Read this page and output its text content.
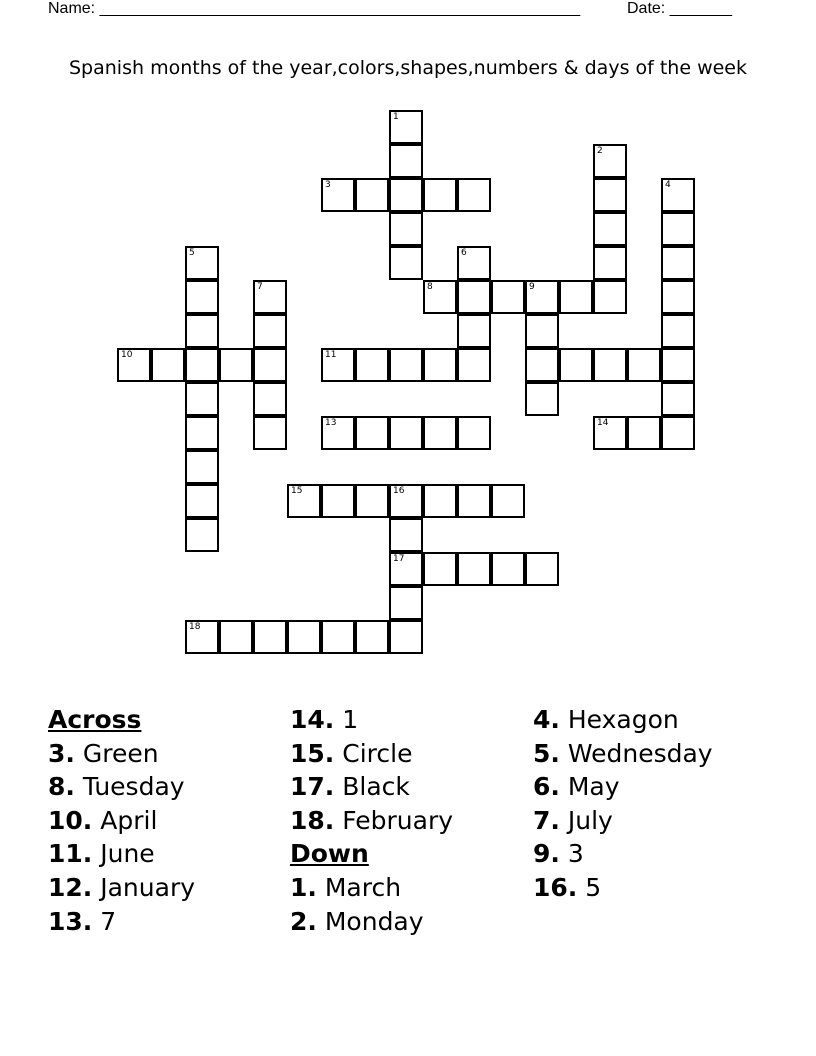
Name: ______________________________________________________	Date: _______
Spanish months of the year,colors,shapes,numbers & days of the week
1
2
3	4
5	6
7	8	9
10	11
13	14
15	16
17
18
Across
3. Green
8. Tuesday
10. April
11. June
12. January
13. 7
14. 1
15. Circle
17. Black
18. February
Down
1. March
2. Monday
4. Hexagon
5. Wednesday
6. May
7. July
9. 3
16. 5
